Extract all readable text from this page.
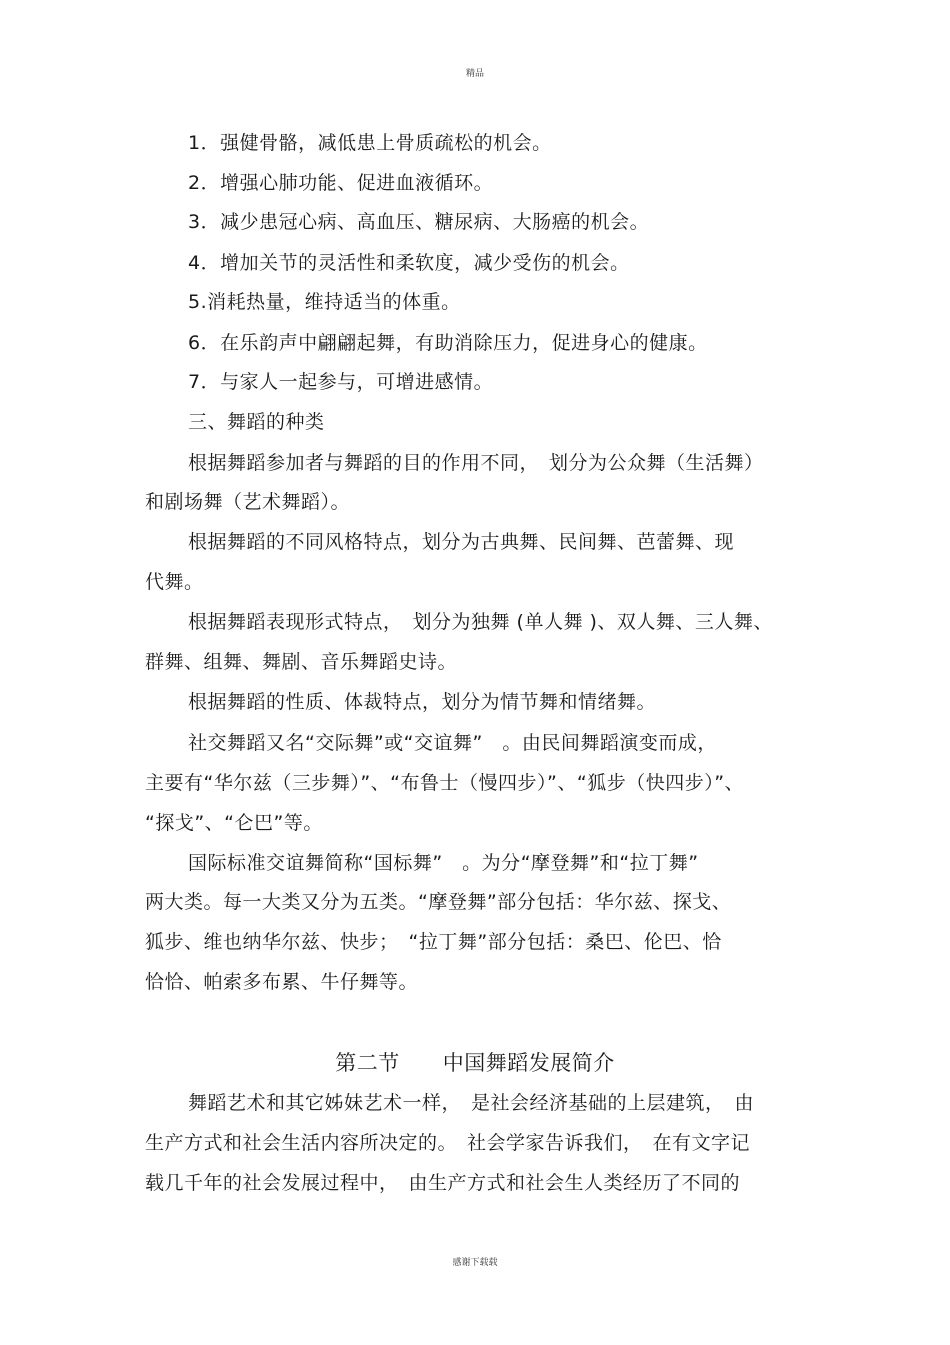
精品
1．强健骨骼，减低患上骨质疏松的机会。
2．增强心肺功能、促进血液循环。
3．减少患冠心病、高血压、糖尿病、大肠癌的机会。
4．增加关节的灵活性和柔软度，减少受伤的机会。
5.消耗热量，维持适当的体重。
6．在乐韵声中翩翩起舞，有助消除压力，促进身心的健康。
7．与家人一起参与，可增进感情。
三、舞蹈的种类
根据舞蹈参加者与舞蹈的目的作用不同，　划分为公众舞（生活舞）
和剧场舞（艺术舞蹈）。
根据舞蹈的不同风格特点，划分为古典舞、民间舞、芭蕾舞、现
代舞。
根据舞蹈表现形式特点，　划分为独舞 (单人舞 )、双人舞、三人舞、
群舞、组舞、舞剧、音乐舞蹈史诗。
根据舞蹈的性质、体裁特点，划分为情节舞和情绪舞。
社交舞蹈又名“交际舞”或“交谊舞”　。由民间舞蹈演变而成，
主要有“华尔兹（三步舞）”、“布鲁士（慢四步）”、“狐步（快四步）”、
“探戈”、“仑巴”等。
国际标准交谊舞简称“国标舞”　。为分“摩登舞”和“拉丁舞”
两大类。每一大类又分为五类。“摩登舞”部分包括：华尔兹、探戈、
狐步、维也纳华尔兹、快步；　“拉丁舞”部分包括：桑巴、伦巴、恰
恰恰、帕索多布累、牛仔舞等。
第二节　　中国舞蹈发展简介
舞蹈艺术和其它姊妹艺术一样，　是社会经济基础的上层建筑，　由
生产方式和社会生活内容所决定的。　社会学家告诉我们，　在有文字记
载几千年的社会发展过程中，　由生产方式和社会生人类经历了不同的
感谢下载载
